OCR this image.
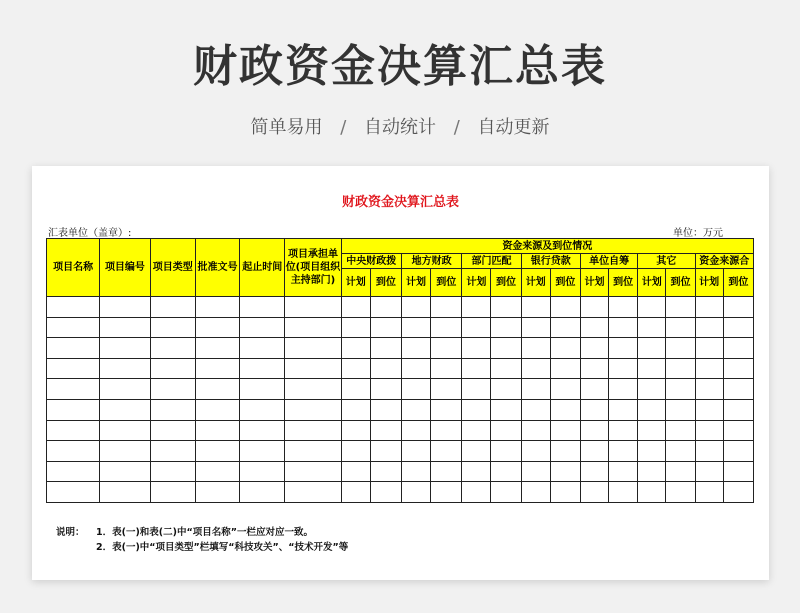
财政资金决算汇总表
简单易用 / 自动统计 / 自动更新
财政资金决算汇总表
汇表单位（盖章）:	单位：万元
项目名称	项目编号	项目类型	批准文号	起止时间	项目承担单位(项目组织主持部门)	资金来源及到位情况													
						中央财政拨		地方财政		部门匹配		银行贷款		单位自筹		其它		资金来源合	
						计划	到位	计划	到位	计划	到位	计划	到位	计划	到位	计划	到位	计划	到位

说明： 1．表(一)和表(二)中“项目名称”一栏应对应一致。
2．表(一)中“项目类型”栏填写“科技攻关”、“技术开发”等
